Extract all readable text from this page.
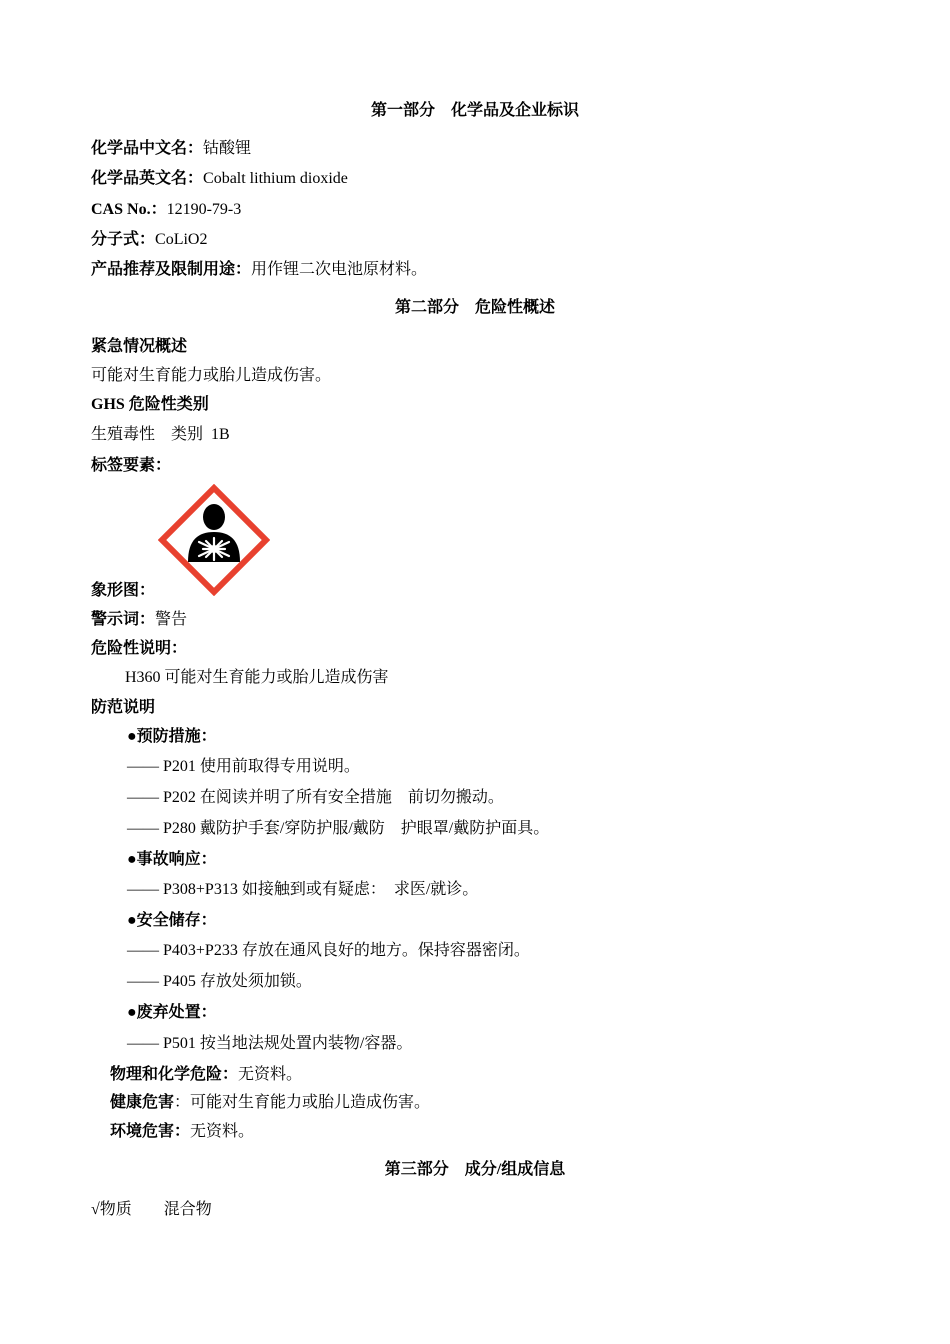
第一部分　化学品及企业标识
化学品中文名：钴酸锂
化学品英文名：Cobalt lithium dioxide
CAS No.：12190-79-3
分子式：CoLiO2
产品推荐及限制用途：用作锂二次电池原材料。
第二部分　危险性概述
紧急情况概述
可能对生育能力或胎儿造成伤害。
GHS 危险性类别
生殖毒性 类别 1B
标签要素：
象形图：
警示词：警告
危险性说明：
H360 可能对生育能力或胎儿造成伤害
防范说明
●预防措施：
—— P201 使用前取得专用说明。
—— P202 在阅读并明了所有安全措施　前切勿搬动。
—— P280 戴防护手套/穿防护服/戴防　护眼罩/戴防护面具。
●事故响应：
—— P308+P313 如接触到或有疑虑：　求医/就诊。
●安全储存：
—— P403+P233 存放在通风良好的地方。保持容器密闭。
—— P405 存放处须加锁。
●废弃处置：
—— P501 按当地法规处置内装物/容器。
物理和化学危险：无资料。
健康危害：可能对生育能力或胎儿造成伤害。
环境危害：无资料。
第三部分　成分/组成信息
√物质 混合物
